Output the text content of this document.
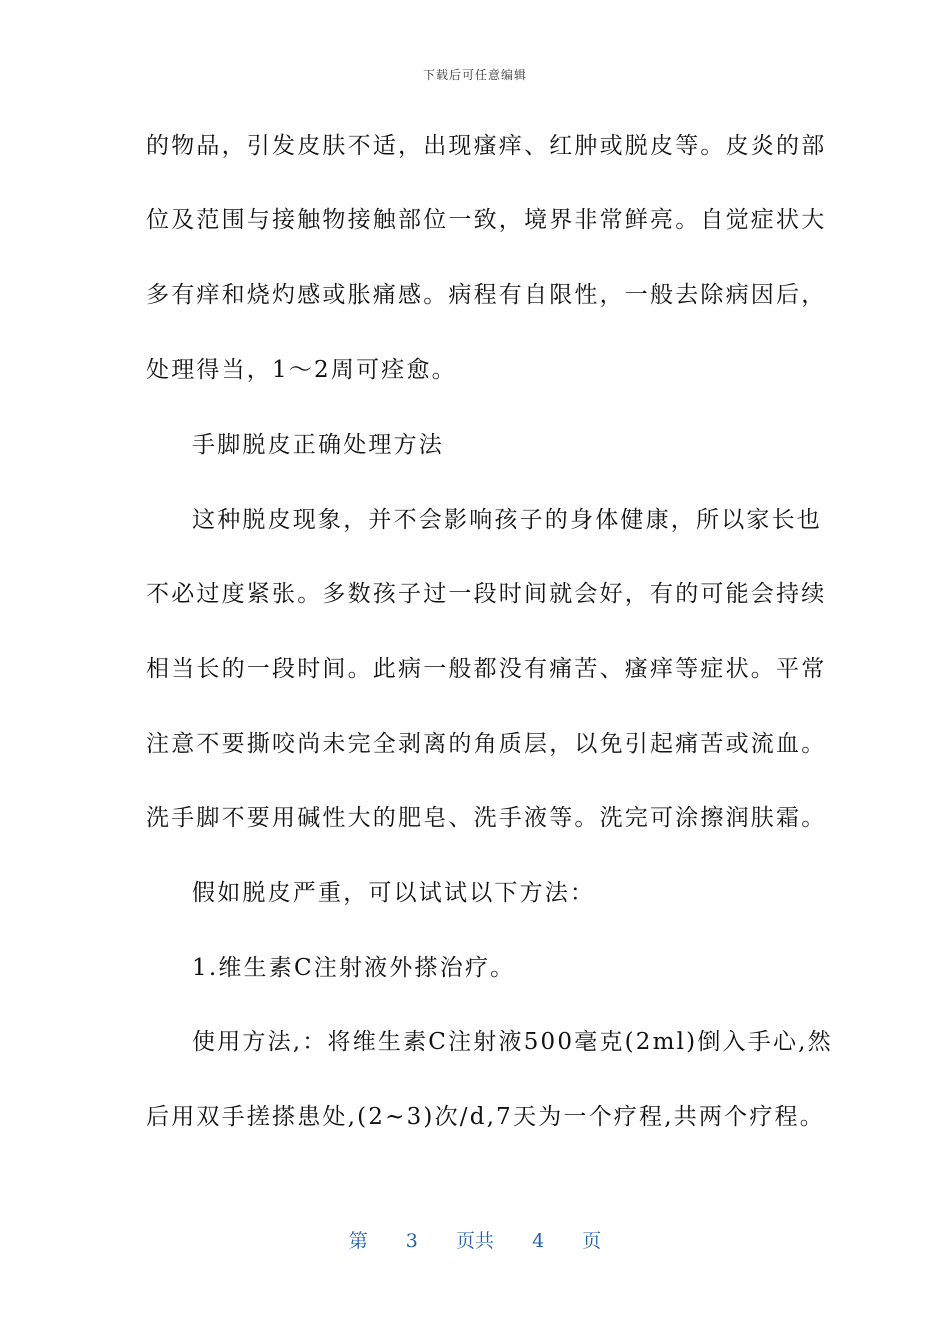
下载后可任意编辑
的物品，引发皮肤不适，出现瘙痒、红肿或脱皮等。皮炎的部
位及范围与接触物接触部位一致，境界非常鲜亮。自觉症状大
多有痒和烧灼感或胀痛感。病程有自限性，一般去除病因后，
处理得当，1～2周可痊愈。
手脚脱皮正确处理方法
这种脱皮现象，并不会影响孩子的身体健康，所以家长也
不必过度紧张。多数孩子过一段时间就会好，有的可能会持续
相当长的一段时间。此病一般都没有痛苦、瘙痒等症状。平常
注意不要撕咬尚未完全剥离的角质层，以免引起痛苦或流血。
洗手脚不要用碱性大的肥皂、洗手液等。洗完可涂擦润肤霜。
假如脱皮严重，可以试试以下方法：
1.维生素C注射液外搽治疗。
使用方法,：将维生素C注射液500毫克(2ml)倒入手心,然
后用双手搓搽患处,(2~3)次/d,7天为一个疗程,共两个疗程。
第 3 页共 4 页
